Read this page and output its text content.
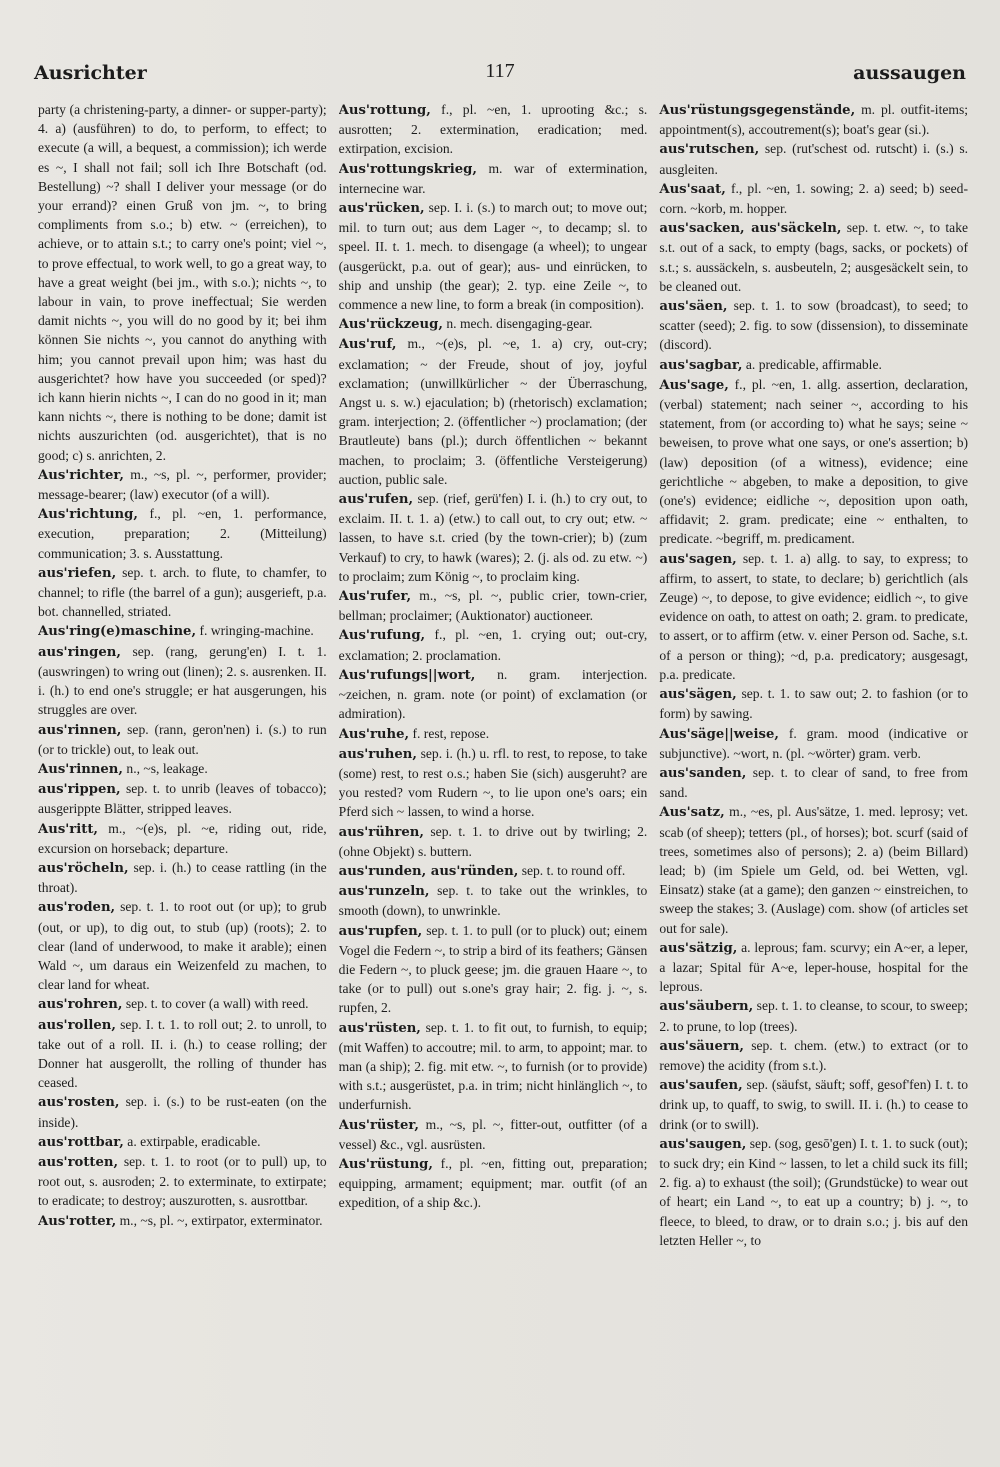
Ausrichter	117	aussaugen

party (a christening-party, a dinner- or supper-party); 4. a) (ausführen) to do, to perform, to effect; to execute (a will, a bequest, a commission); ich werde es ~, I shall not fail; soll ich Ihre Botschaft (od. Bestellung) ~? shall I deliver your message (or do your errand)? einen Gruß von jm. ~, to bring compliments from s.o.; b) etw. ~ (erreichen), to achieve, or to attain s.t.; to carry one's point; viel ~, to prove effectual, to work well, to go a great way, to have a great weight (bei jm., with s.o.); nichts ~, to labour in vain, to prove ineffectual; Sie werden damit nichts ~, you will do no good by it; bei ihm können Sie nichts ~, you cannot do anything with him; you cannot prevail upon him; was hast du ausgerichtet? how have you succeeded (or sped)? ich kann hierin nichts ~, I can do no good in it; man kann nichts ~, there is nothing to be done; damit ist nichts auszurichten (od. ausgerichtet), that is no good; c) s. anrichten, 2.

Aus'richter, m., ~s, pl. ~, performer, provider; message-bearer; (law) executor (of a will).

Aus'richtung, f., pl. ~en, 1. performance, execution, preparation; 2. (Mitteilung) communication; 3. s. Ausstattung.

aus'riefen, sep. t. arch. to flute, to chamfer, to channel; to rifle (the barrel of a gun); ausgerieft, p.a. bot. channelled, striated.

Aus'ring(e)maschine, f. wringing-machine.

aus'ringen, sep. (rang, gerung'en) I. t. 1. (auswringen) to wring out (linen); 2. s. ausrenken. II. i. (h.) to end one's struggle; er hat ausgerungen, his struggles are over.

aus'rinnen, sep. (rann, geron'nen) i. (s.) to run (or to trickle) out, to leak out.

Aus'rinnen, n., ~s, leakage.

aus'rippen, sep. t. to unrib (leaves of tobacco); ausgerippte Blätter, stripped leaves.

Aus'ritt, m., ~(e)s, pl. ~e, riding out, ride, excursion on horseback; departure.

aus'röcheln, sep. i. (h.) to cease rattling (in the throat).

aus'roden, sep. t. 1. to root out (or up); to grub (out, or up), to dig out, to stub (up) (roots); 2. to clear (land of underwood, to make it arable); einen Wald ~, um daraus ein Weizenfeld zu machen, to clear land for wheat.

aus'rohren, sep. t. to cover (a wall) with reed.

aus'rollen, sep. I. t. 1. to roll out; 2. to unroll, to take out of a roll. II. i. (h.) to cease rolling; der Donner hat ausgerollt, the rolling of thunder has ceased.

aus'rosten, sep. i. (s.) to be rust-eaten (on the inside).

aus'rottbar, a. extirpable, eradicable.

aus'rotten, sep. t. 1. to root (or to pull) up, to root out, s. ausroden; 2. to exterminate, to extirpate; to eradicate; to destroy; auszurotten, s. ausrottbar.

Aus'rotter, m., ~s, pl. ~, extirpator, exterminator.

Aus'rottung, f., pl. ~en, 1. uprooting &c.; s. ausrotten; 2. extermination, eradication; med. extirpation, excision.

Aus'rottungskrieg, m. war of extermination, internecine war.

aus'rücken, sep. I. i. (s.) to march out; to move out; mil. to turn out; aus dem Lager ~, to decamp; sl. to speel. II. t. 1. mech. to disengage (a wheel); to ungear (ausgerückt, p.a. out of gear); aus- und einrücken, to ship and unship (the gear); 2. typ. eine Zeile ~, to commence a new line, to form a break (in composition).

Aus'rückzeug, n. mech. disengaging-gear.

Aus'ruf, m., ~(e)s, pl. ~e, 1. a) cry, out-cry; exclamation; ~ der Freude, shout of joy, joyful exclamation; (unwillkürlicher ~ der Überraschung, Angst u. s. w.) ejaculation; b) (rhetorisch) exclamation; gram. interjection; 2. (öffentlicher ~) proclamation; (der Brautleute) bans (pl.); durch öffentlichen ~ bekannt machen, to proclaim; 3. (öffentliche Versteigerung) auction, public sale.

aus'rufen, sep. (rief, gerü'fen) I. i. (h.) to cry out, to exclaim. II. t. 1. a) (etw.) to call out, to cry out; etw. ~ lassen, to have s.t. cried (by the town-crier); b) (zum Verkauf) to cry, to hawk (wares); 2. (j. als od. zu etw. ~) to proclaim; zum König ~, to proclaim king.

Aus'rufer, m., ~s, pl. ~, public crier, town-crier, bellman; proclaimer; (Auktionator) auctioneer.

Aus'rufung, f., pl. ~en, 1. crying out; out-cry, exclamation; 2. proclamation.

Aus'rufungs||wort, n. gram. interjection. ~zeichen, n. gram. note (or point) of exclamation (or admiration).

Aus'ruhe, f. rest, repose.

aus'ruhen, sep. i. (h.) u. rfl. to rest, to repose, to take (some) rest, to rest o.s.; haben Sie (sich) ausgeruht? are you rested? vom Rudern ~, to lie upon one's oars; ein Pferd sich ~ lassen, to wind a horse.

aus'rühren, sep. t. 1. to drive out by twirling; 2. (ohne Objekt) s. buttern.

aus'runden, aus'ründen, sep. t. to round off.

aus'runzeln, sep. t. to take out the wrinkles, to smooth (down), to unwrinkle.

aus'rupfen, sep. t. 1. to pull (or to pluck) out; einem Vogel die Federn ~, to strip a bird of its feathers; Gänsen die Federn ~, to pluck geese; jm. die grauen Haare ~, to take (or to pull) out s.one's gray hair; 2. fig. j. ~, s. rupfen, 2.

aus'rüsten, sep. t. 1. to fit out, to furnish, to equip; (mit Waffen) to accoutre; mil. to arm, to appoint; mar. to man (a ship); 2. fig. mit etw. ~, to furnish (or to provide) with s.t.; ausgerüstet, p.a. in trim; nicht hinlänglich ~, to underfurnish.

Aus'rüster, m., ~s, pl. ~, fitter-out, outfitter (of a vessel) &c., vgl. ausrüsten.

Aus'rüstung, f., pl. ~en, fitting out, preparation; equipping, armament; equipment; mar. outfit (of an expedition, of a ship &c.).

Aus'rüstungsgegenstände, m. pl. outfit-items; appointment(s), accoutrement(s); boat's gear (si.).

aus'rutschen, sep. (rut'schest od. rutscht) i. (s.) s. ausgleiten.

Aus'saat, f., pl. ~en, 1. sowing; 2. a) seed; b) seed-corn. ~korb, m. hopper.

aus'sacken, aus'säckeln, sep. t. etw. ~, to take s.t. out of a sack, to empty (bags, sacks, or pockets) of s.t.; s. aussäckeln, s. ausbeuteln, 2; ausgesäckelt sein, to be cleaned out.

aus'säen, sep. t. 1. to sow (broadcast), to seed; to scatter (seed); 2. fig. to sow (dissension), to disseminate (discord).

aus'sagbar, a. predicable, affirmable.

Aus'sage, f., pl. ~en, 1. allg. assertion, declaration, (verbal) statement; nach seiner ~, according to his statement, from (or according to) what he says; seine ~ beweisen, to prove what one says, or one's assertion; b) (law) deposition (of a witness), evidence; eine gerichtliche ~ abgeben, to make a deposition, to give (one's) evidence; eidliche ~, deposition upon oath, affidavit; 2. gram. predicate; eine ~ enthalten, to predicate. ~begriff, m. predicament.

aus'sagen, sep. t. 1. a) allg. to say, to express; to affirm, to assert, to state, to declare; b) gerichtlich (als Zeuge) ~, to depose, to give evidence; eidlich ~, to give evidence on oath, to attest on oath; 2. gram. to predicate, to assert, or to affirm (etw. v. einer Person od. Sache, s.t. of a person or thing); ~d, p.a. predicatory; ausgesagt, p.a. predicate.

aus'sägen, sep. t. 1. to saw out; 2. to fashion (or to form) by sawing.

Aus'säge||weise, f. gram. mood (indicative or subjunctive). ~wort, n. (pl. ~wörter) gram. verb.

aus'sanden, sep. t. to clear of sand, to free from sand.

Aus'satz, m., ~es, pl. Aus'sätze, 1. med. leprosy; vet. scab (of sheep); tetters (pl., of horses); bot. scurf (said of trees, sometimes also of persons); 2. a) (beim Billard) lead; b) (im Spiele um Geld, od. bei Wetten, vgl. Einsatz) stake (at a game); den ganzen ~ einstreichen, to sweep the stakes; 3. (Auslage) com. show (of articles set out for sale).

aus'sätzig, a. leprous; fam. scurvy; ein A~er, a leper, a lazar; Spital für A~e, leper-house, hospital for the leprous.

aus'säubern, sep. t. 1. to cleanse, to scour, to sweep; 2. to prune, to lop (trees).

aus'säuern, sep. t. chem. (etw.) to extract (or to remove) the acidity (from s.t.).

aus'saufen, sep. (säufst, säuft; soff, gesof'fen) I. t. to drink up, to quaff, to swig, to swill. II. i. (h.) to cease to drink (or to swill).

aus'saugen, sep. (sog, gesō'gen) I. t. 1. to suck (out); to suck dry; ein Kind ~ lassen, to let a child suck its fill; 2. fig. a) to exhaust (the soil); (Grundstücke) to wear out of heart; ein Land ~, to eat up a country; b) j. ~, to fleece, to bleed, to draw, or to drain s.o.; j. bis auf den letzten Heller ~, to
